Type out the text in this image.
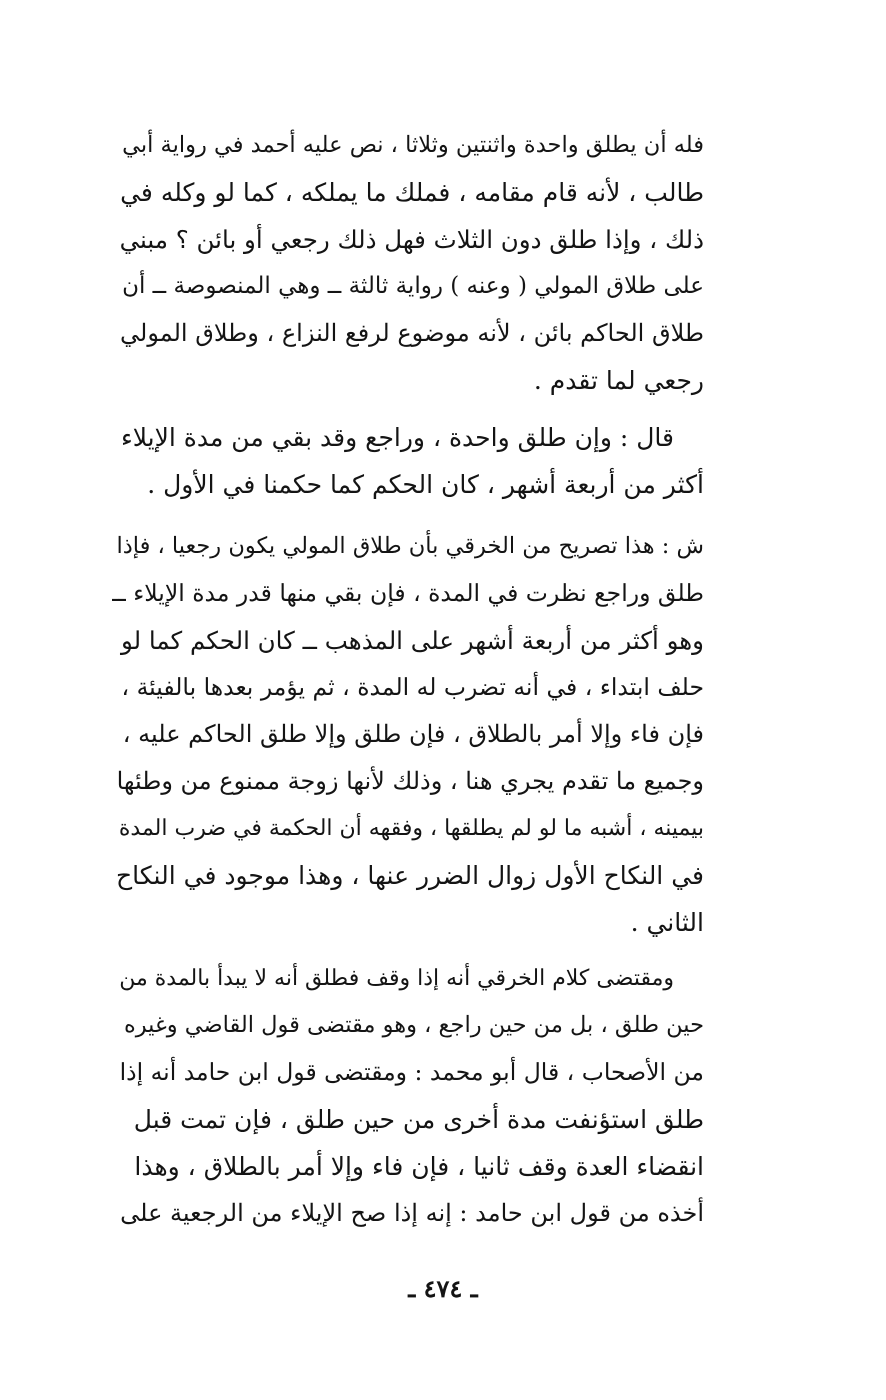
فله أن يطلق واحدة واثنتين وثلاثا ، نص عليه أحمد في رواية أبي
طالب ، لأنه قام مقامه ، فملك ما يملكه ، كما لو وكله في
ذلك ، وإذا طلق دون الثلاث فهل ذلك رجعي أو بائن ؟ مبني
على طلاق المولي ( وعنه ) رواية ثالثة ــ وهي المنصوصة ــ أن
طلاق الحاكم بائن ، لأنه موضوع لرفع النزاع ، وطلاق المولي
رجعي لما تقدم .
قال : وإن طلق واحدة ، وراجع وقد بقي من مدة الإيلاء
أكثر من أربعة أشهر ، كان الحكم كما حكمنا في الأول .
ش : هذا تصريح من الخرقي بأن طلاق المولي يكون رجعيا ، فإذا
طلق وراجع نظرت في المدة ، فإن بقي منها قدر مدة الإيلاء ــ
وهو أكثر من أربعة أشهر على المذهب ــ كان الحكم كما لو
حلف ابتداء ، في أنه تضرب له المدة ، ثم يؤمر بعدها بالفيئة ،
فإن فاء وإلا أمر بالطلاق ، فإن طلق وإلا طلق الحاكم عليه ،
وجميع ما تقدم يجري هنا ، وذلك لأنها زوجة ممنوع من وطئها
بيمينه ، أشبه ما لو لم يطلقها ، وفقهه أن الحكمة في ضرب المدة
في النكاح الأول زوال الضرر عنها ، وهذا موجود في النكاح
الثاني .
ومقتضى كلام الخرقي أنه إذا وقف فطلق أنه لا يبدأ بالمدة من
حين طلق ، بل من حين راجع ، وهو مقتضى قول القاضي وغيره
من الأصحاب ، قال أبو محمد : ومقتضى قول ابن حامد أنه إذا
طلق استؤنفت مدة أخرى من حين طلق ، فإن تمت قبل
انقضاء العدة وقف ثانيا ، فإن فاء وإلا أمر بالطلاق ، وهذا
أخذه من قول ابن حامد : إنه إذا صح الإيلاء من الرجعية على
ـ ٤٧٤ ـ
